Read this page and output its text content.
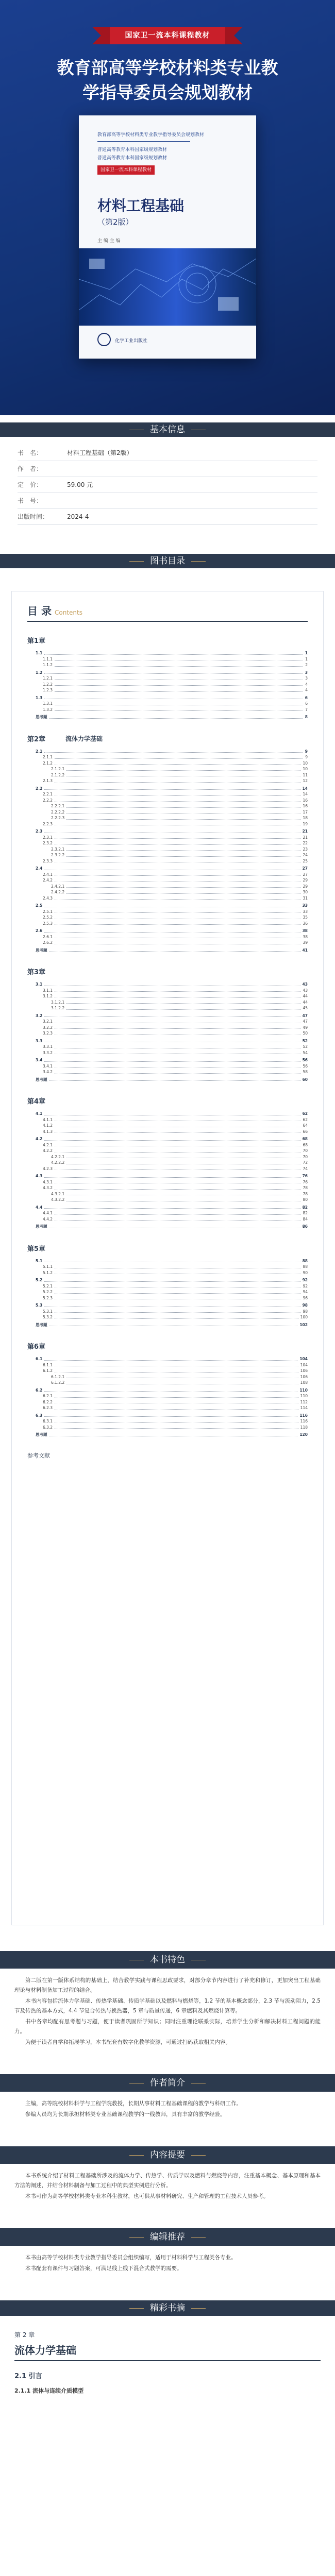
国家卫一流本科课程教材
教育部高等学校材料类专业教
学指导委员会规划教材
教育部高等学校材料类专业教学指导委员会规划教材
普通高等教育本科国家级规划教材
普通高等教育本科国家级规划教材
国家卫一流本科课程教材
材料工程基础
（第2版）
主 编 主 编
化学工业出版社
基本信息
书　名：	材料工程基础（第2版）
作　者：
定　价：	59.00 元
书　号：
出版时间：	2024-4
图书目录
目 录 Contents
第1章
1.1	1
1.1.1	1
1.1.2	2
1.2	3
1.2.1	3
1.2.2	4
1.2.3	4
1.3	6
1.3.1	6
1.3.2	7
思考题	8
第2章	流体力学基础
2.1	9
2.1.1	9
2.1.2	10
2.1.2.1	10
2.1.2.2	11
2.1.3	12
2.2	14
2.2.1	14
2.2.2	16
2.2.2.1	16
2.2.2.2	17
2.2.2.3	18
2.2.3	19
2.3	21
2.3.1	21
2.3.2	22
2.3.2.1	23
2.3.2.2	24
2.3.3	25
2.4	27
2.4.1	27
2.4.2	29
2.4.2.1	29
2.4.2.2	30
2.4.3	31
2.5	33
2.5.1	33
2.5.2	35
2.5.3	36
2.6	38
2.6.1	38
2.6.2	39
思考题	41
第3章
3.1	43
3.1.1	43
3.1.2	44
3.1.2.1	44
3.1.2.2	45
3.2	47
3.2.1	47
3.2.2	49
3.2.3	50
3.3	52
3.3.1	52
3.3.2	54
3.4	56
3.4.1	56
3.4.2	58
思考题	60
第4章
4.1	62
4.1.1	62
4.1.2	64
4.1.3	66
4.2	68
4.2.1	68
4.2.2	70
4.2.2.1	70
4.2.2.2	72
4.2.3	74
4.3	76
4.3.1	76
4.3.2	78
4.3.2.1	78
4.3.2.2	80
4.4	82
4.4.1	82
4.4.2	84
思考题	86
第5章
5.1	88
5.1.1	88
5.1.2	90
5.2	92
5.2.1	92
5.2.2	94
5.2.3	96
5.3	98
5.3.1	98
5.3.2	100
思考题	102
第6章
6.1	104
6.1.1	104
6.1.2	106
6.1.2.1	106
6.1.2.2	108
6.2	110
6.2.1	110
6.2.2	112
6.2.3	114
6.3	116
6.3.1	116
6.3.2	118
思考题	120
参考文献
本书特色

第二版在第一版体系结构的基础上，结合教学实践与课程思政要求，对部分章节内容进行了补充和修订，更加突出工程基础理论与材料制备加工过程的结合。

本书内容包括流体力学基础、传热学基础、传质学基础以及燃料与燃烧等，1.2 节的基本概念部分，2.3 节与流动阻力，2.5 节及传热的基本方式，4.4 节复合传热与换热器，5 章与质量传递，6 章燃料及其燃烧计算等。

书中各章均配有思考题与习题，便于读者巩固所学知识；同时注重理论联系实际，培养学生分析和解决材料工程问题的能力。

为便于读者自学和拓展学习，本书配套有数字化教学资源，可通过扫码获取相关内容。

作者简介

主编，高等院校材料科学与工程学院教授，长期从事材料工程基础课程的教学与科研工作。

参编人员均为长期承担材料类专业基础课程教学的一线教师，具有丰富的教学经验。

内容提要

本书系统介绍了材料工程基础所涉及的流体力学、传热学、传质学以及燃料与燃烧等内容，注重基本概念、基本原理和基本方法的阐述，并结合材料制备与加工过程中的典型实例进行分析。

本书可作为高等学校材料类专业本科生教材，也可供从事材料研究、生产和管理的工程技术人员参考。

编辑推荐

本书由高等学校材料类专业教学指导委员会组织编写，适用于材料科学与工程类各专业。

本书配套有课件与习题答案，可满足线上线下混合式教学的需要。

精彩书摘
第 2 章
流体力学基础
2.1 引言
2.1.1 流体与连续介质模型
